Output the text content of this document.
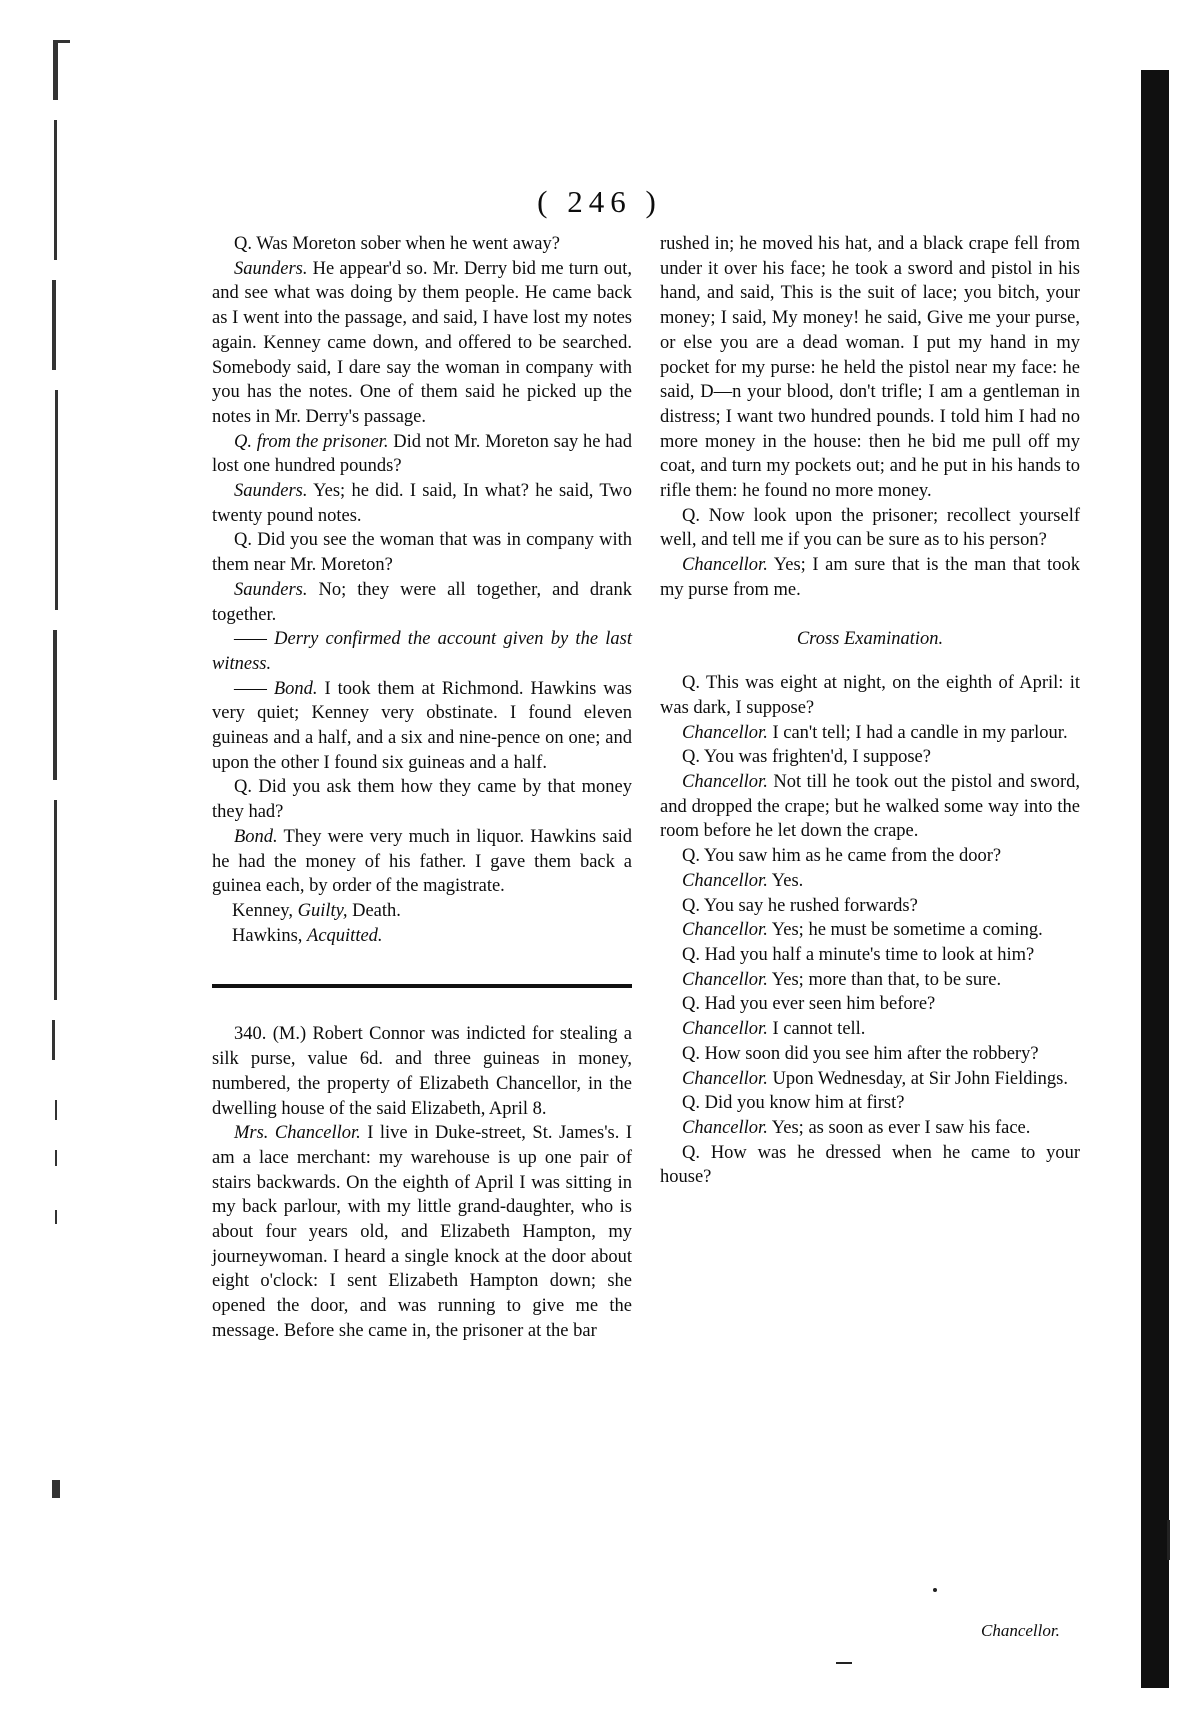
( 246 )

Q. Was Moreton sober when he went away?

Saunders. He appear'd so. Mr. Derry bid me turn out, and see what was doing by them people. He came back as I went into the passage, and said, I have lost my notes again. Kenney came down, and offered to be searched. Somebody said, I dare say the woman in company with you has the notes. One of them said he picked up the notes in Mr. Derry's passage.

Q. from the prisoner. Did not Mr. Moreton say he had lost one hundred pounds?

Saunders. Yes; he did. I said, In what? he said, Two twenty pound notes.

Q. Did you see the woman that was in company with them near Mr. Moreton?

Saunders. No; they were all together, and drank together.

—— Derry confirmed the account given by the last witness.

—— Bond. I took them at Richmond. Hawkins was very quiet; Kenney very obstinate. I found eleven guineas and a half, and a six and nine-pence on one; and upon the other I found six guineas and a half.

Q. Did you ask them how they came by that money they had?

Bond. They were very much in liquor. Hawkins said he had the money of his father. I gave them back a guinea each, by order of the magistrate.

Kenney, Guilty, Death.
Hawkins, Acquitted.

340. (M.) Robert Connor was indicted for stealing a silk purse, value 6d. and three guineas in money, numbered, the property of Elizabeth Chancellor, in the dwelling house of the said Elizabeth, April 8.

Mrs. Chancellor. I live in Duke-street, St. James's. I am a lace merchant: my warehouse is up one pair of stairs backwards. On the eighth of April I was sitting in my back parlour, with my little grand-daughter, who is about four years old, and Elizabeth Hampton, my journeywoman. I heard a single knock at the door about eight o'clock: I sent Elizabeth Hampton down; she opened the door, and was running to give me the message. Before she came in, the prisoner at the bar

rushed in; he moved his hat, and a black crape fell from under it over his face; he took a sword and pistol in his hand, and said, This is the suit of lace; you bitch, your money; I said, My money! he said, Give me your purse, or else you are a dead woman. I put my hand in my pocket for my purse: he held the pistol near my face: he said, D—n your blood, don't trifle; I am a gentleman in distress; I want two hundred pounds. I told him I had no more money in the house: then he bid me pull off my coat, and turn my pockets out; and he put in his hands to rifle them: he found no more money.

Q. Now look upon the prisoner; recollect yourself well, and tell me if you can be sure as to his person?

Chancellor. Yes; I am sure that is the man that took my purse from me.

Cross Examination.

Q. This was eight at night, on the eighth of April: it was dark, I suppose?

Chancellor. I can't tell; I had a candle in my parlour.

Q. You was frighten'd, I suppose?

Chancellor. Not till he took out the pistol and sword, and dropped the crape; but he walked some way into the room before he let down the crape.

Q. You saw him as he came from the door?

Chancellor. Yes.

Q. You say he rushed forwards?

Chancellor. Yes; he must be sometime a coming.

Q. Had you half a minute's time to look at him?

Chancellor. Yes; more than that, to be sure.

Q. Had you ever seen him before?

Chancellor. I cannot tell.

Q. How soon did you see him after the robbery?

Chancellor. Upon Wednesday, at Sir John Fieldings.

Q. Did you know him at first?

Chancellor. Yes; as soon as ever I saw his face.

Q. How was he dressed when he came to your house?

Chancellor.
